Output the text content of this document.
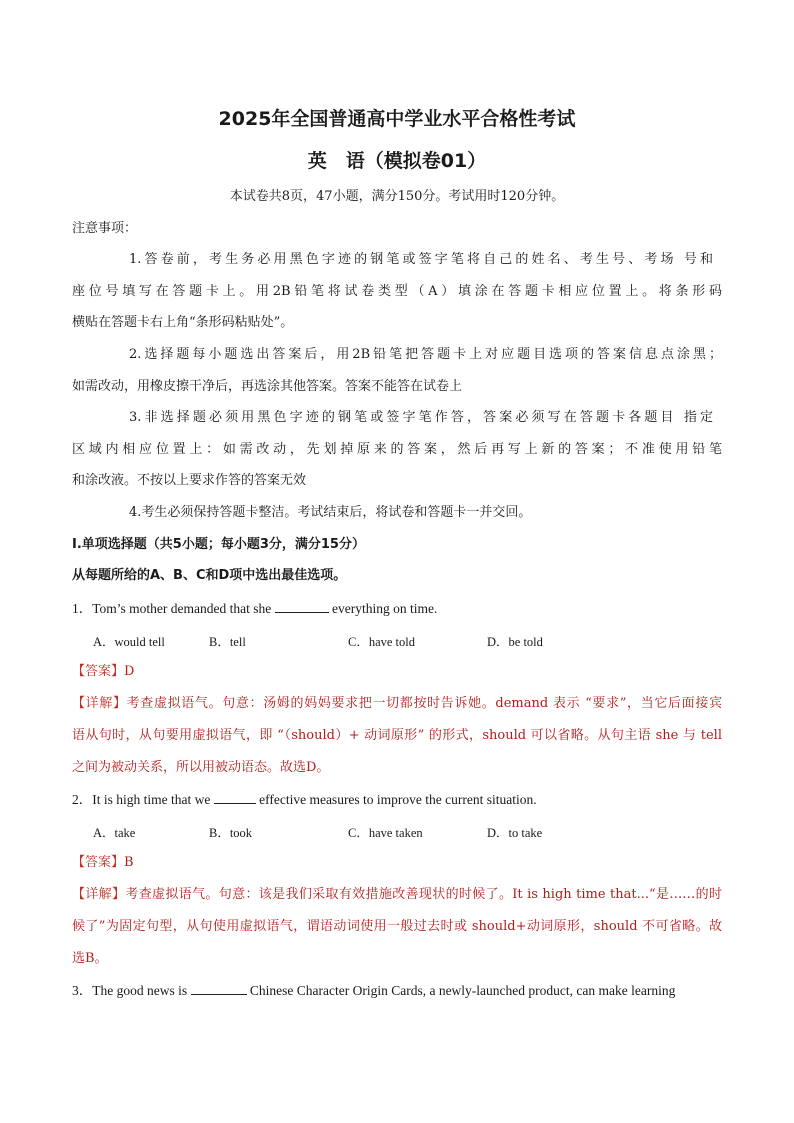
2025年全国普通高中学业水平合格性考试
英　语（模拟卷01）
本试卷共8页，47小题，满分150分。考试用时120分钟。
注意事项：
1.答卷前，考生务必用黑色字迹的钢笔或签字笔将自己的姓名、考生号、考场 号和
座位号填写在答题卡上。用2B铅笔将试卷类型（A）填涂在答题卡相应位置上。将条形码
横贴在答题卡右上角“条形码粘贴处”。
2.选择题每小题选出答案后，用2B铅笔把答题卡上对应题目选项的答案信息点涂黑；
如需改动，用橡皮擦干净后，再选涂其他答案。答案不能答在试卷上
3.非选择题必须用黑色字迹的钢笔或签字笔作答，答案必须写在答题卡各题目 指定
区域内相应位置上：如需改动，先划掉原来的答案，然后再写上新的答案；不准使用铅笔
和涂改液。不按以上要求作答的答案无效
4.考生必须保持答题卡整洁。考试结束后，将试卷和答题卡一并交回。
I.单项选择题（共5小题；每小题3分，满分15分）
从每题所给的A、B、C和D项中选出最佳选项。
1．Tom’s mother demanded that she	everything on time.
A．would tell	B．tell	C．have told	D．be told
【答案】D
【详解】考查虚拟语气。句意：汤姆的妈妈要求把一切都按时告诉她。demand 表示 “要求”，当它后面接宾
语从句时，从句要用虚拟语气，即 “（should）+ 动词原形” 的形式，should 可以省略。从句主语 she 与 tell
之间为被动关系，所以用被动语态。故选D。
2．It is high time that we	effective measures to improve the current situation.
A．take	B．took	C．have taken	D．to take
【答案】B
【详解】考查虚拟语气。句意：该是我们采取有效措施改善现状的时候了。It is high time that...“是……的时
候了”为固定句型，从句使用虚拟语气，谓语动词使用一般过去时或 should+动词原形，should 不可省略。故
选B。
3．The good news is	Chinese Character Origin Cards, a newly-launched product, can make learning
